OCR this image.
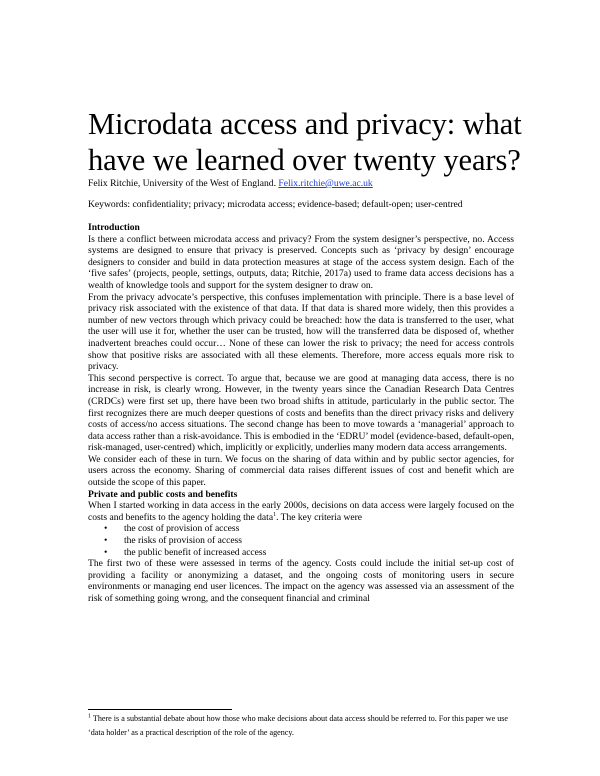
Microdata access and privacy: what have we learned over twenty years?
Felix Ritchie, University of the West of England. Felix.ritchie@uwe.ac.uk
Keywords: confidentiality; privacy; microdata access; evidence-based; default-open; user-centred

Introduction

Is there a conflict between microdata access and privacy? From the system designer’s perspective, no. Access systems are designed to ensure that privacy is preserved. Concepts such as ‘privacy by design’ encourage designers to consider and build in data protection measures at stage of the access system design. Each of the ‘five safes’ (projects, people, settings, outputs, data; Ritchie, 2017a) used to frame data access decisions has a wealth of knowledge tools and support for the system designer to draw on.

From the privacy advocate’s perspective, this confuses implementation with principle. There is a base level of privacy risk associated with the existence of that data. If that data is shared more widely, then this provides a number of new vectors through which privacy could be breached: how the data is transferred to the user, what the user will use it for, whether the user can be trusted, how will the transferred data be disposed of, whether inadvertent breaches could occur… None of these can lower the risk to privacy; the need for access controls show that positive risks are associated with all these elements. Therefore, more access equals more risk to privacy.

This second perspective is correct. To argue that, because we are good at managing data access, there is no increase in risk, is clearly wrong. However, in the twenty years since the Canadian Research Data Centres (CRDCs) were first set up, there have been two broad shifts in attitude, particularly in the public sector. The first recognizes there are much deeper questions of costs and benefits than the direct privacy risks and delivery costs of access/no access situations. The second change has been to move towards a ‘managerial’ approach to data access rather than a risk-avoidance. This is embodied in the ‘EDRU’ model (evidence-based, default-open, risk-managed, user-centred) which, implicitly or explicitly, underlies many modern data access arrangements.

We consider each of these in turn. We focus on the sharing of data within and by public sector agencies, for users across the economy. Sharing of commercial data raises different issues of cost and benefit which are outside the scope of this paper.

Private and public costs and benefits

When I started working in data access in the early 2000s, decisions on data access were largely focused on the costs and benefits to the agency holding the data$^1$. The key criteria were

• the cost of provision of access
• the risks of provision of access
• the public benefit of increased access

The first two of these were assessed in terms of the agency. Costs could include the initial set-up cost of providing a facility or anonymizing a dataset, and the ongoing costs of monitoring users in secure environments or managing end user licences. The impact on the agency was assessed via an assessment of the risk of something going wrong, and the consequent financial and criminal

$^1$ There is a substantial debate about how those who make decisions about data access should be referred to. For this paper we use ‘data holder’ as a practical description of the role of the agency.
